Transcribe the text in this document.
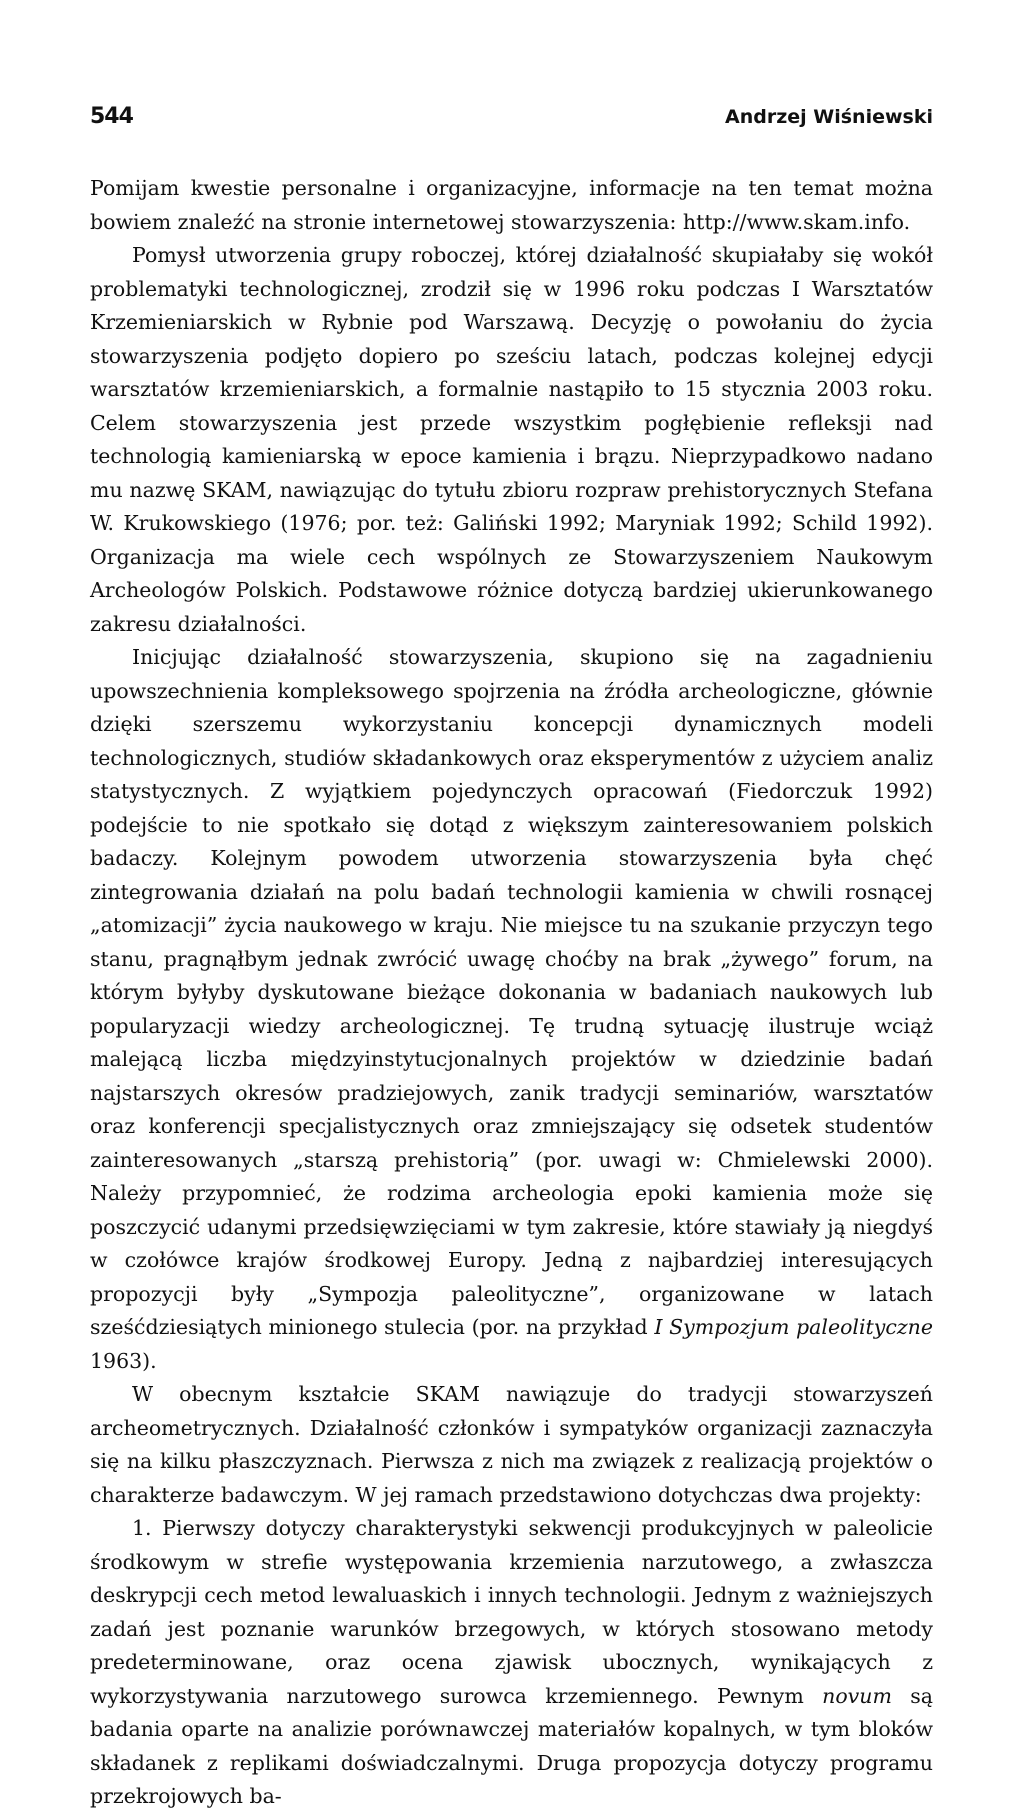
544	Andrzej Wiśniewski

Pomijam kwestie personalne i organizacyjne, informacje na ten temat można bowiem znaleźć na stronie internetowej stowarzyszenia: http://www.skam.info.

Pomysł utworzenia grupy roboczej, której działalność skupiałaby się wokół problematyki technologicznej, zrodził się w 1996 roku podczas I Warsztatów Krzemieniarskich w Rybnie pod Warszawą. Decyzję o powołaniu do życia stowarzyszenia podjęto dopiero po sześciu latach, podczas kolejnej edycji warsztatów krzemieniarskich, a formalnie nastąpiło to 15 stycznia 2003 roku. Celem stowarzyszenia jest przede wszystkim pogłębienie refleksji nad technologią kamieniarską w epoce kamienia i brązu. Nieprzypadkowo nadano mu nazwę SKAM, nawiązując do tytułu zbioru rozpraw prehistorycznych Stefana W. Krukowskiego (1976; por. też: Galiński 1992; Maryniak 1992; Schild 1992). Organizacja ma wiele cech wspólnych ze Stowarzyszeniem Naukowym Archeologów Polskich. Podstawowe różnice dotyczą bardziej ukierunkowanego zakresu działalności.

Inicjując działalność stowarzyszenia, skupiono się na zagadnieniu upowszechnienia kompleksowego spojrzenia na źródła archeologiczne, głównie dzięki szerszemu wykorzystaniu koncepcji dynamicznych modeli technologicznych, studiów składankowych oraz eksperymentów z użyciem analiz statystycznych. Z wyjątkiem pojedynczych opracowań (Fiedorczuk 1992) podejście to nie spotkało się dotąd z większym zainteresowaniem polskich badaczy. Kolejnym powodem utworzenia stowarzyszenia była chęć zintegrowania działań na polu badań technologii kamienia w chwili rosnącej „atomizacji” życia naukowego w kraju. Nie miejsce tu na szukanie przyczyn tego stanu, pragnąłbym jednak zwrócić uwagę choćby na brak „żywego” forum, na którym byłyby dyskutowane bieżące dokonania w badaniach naukowych lub popularyzacji wiedzy archeologicznej. Tę trudną sytuację ilustruje wciąż malejącą liczba międzyinstytucjonalnych projektów w dziedzinie badań najstarszych okresów pradziejowych, zanik tradycji seminariów, warsztatów oraz konferencji specjalistycznych oraz zmniejszający się odsetek studentów zainteresowanych „starszą prehistorią” (por. uwagi w: Chmielewski 2000). Należy przypomnieć, że rodzima archeologia epoki kamienia może się poszczycić udanymi przedsięwzięciami w tym zakresie, które stawiały ją niegdyś w czołówce krajów środkowej Europy. Jedną z najbardziej interesujących propozycji były „Sympozja paleolityczne”, organizowane w latach sześćdziesiątych minionego stulecia (por. na przykład I Sympozjum paleolityczne 1963).

W obecnym kształcie SKAM nawiązuje do tradycji stowarzyszeń archeometrycznych. Działalność członków i sympatyków organizacji zaznaczyła się na kilku płaszczyznach. Pierwsza z nich ma związek z realizacją projektów o charakterze badawczym. W jej ramach przedstawiono dotychczas dwa projekty:

1. Pierwszy dotyczy charakterystyki sekwencji produkcyjnych w paleolicie środkowym w strefie występowania krzemienia narzutowego, a zwłaszcza deskrypcji cech metod lewaluaskich i innych technologii. Jednym z ważniejszych zadań jest poznanie warunków brzegowych, w których stosowano metody predeterminowane, oraz ocena zjawisk ubocznych, wynikających z wykorzystywania narzutowego surowca krzemiennego. Pewnym novum są badania oparte na analizie porównawczej materiałów kopalnych, w tym bloków składanek z replikami doświadczalnymi. Druga propozycja dotyczy programu przekrojowych ba-
